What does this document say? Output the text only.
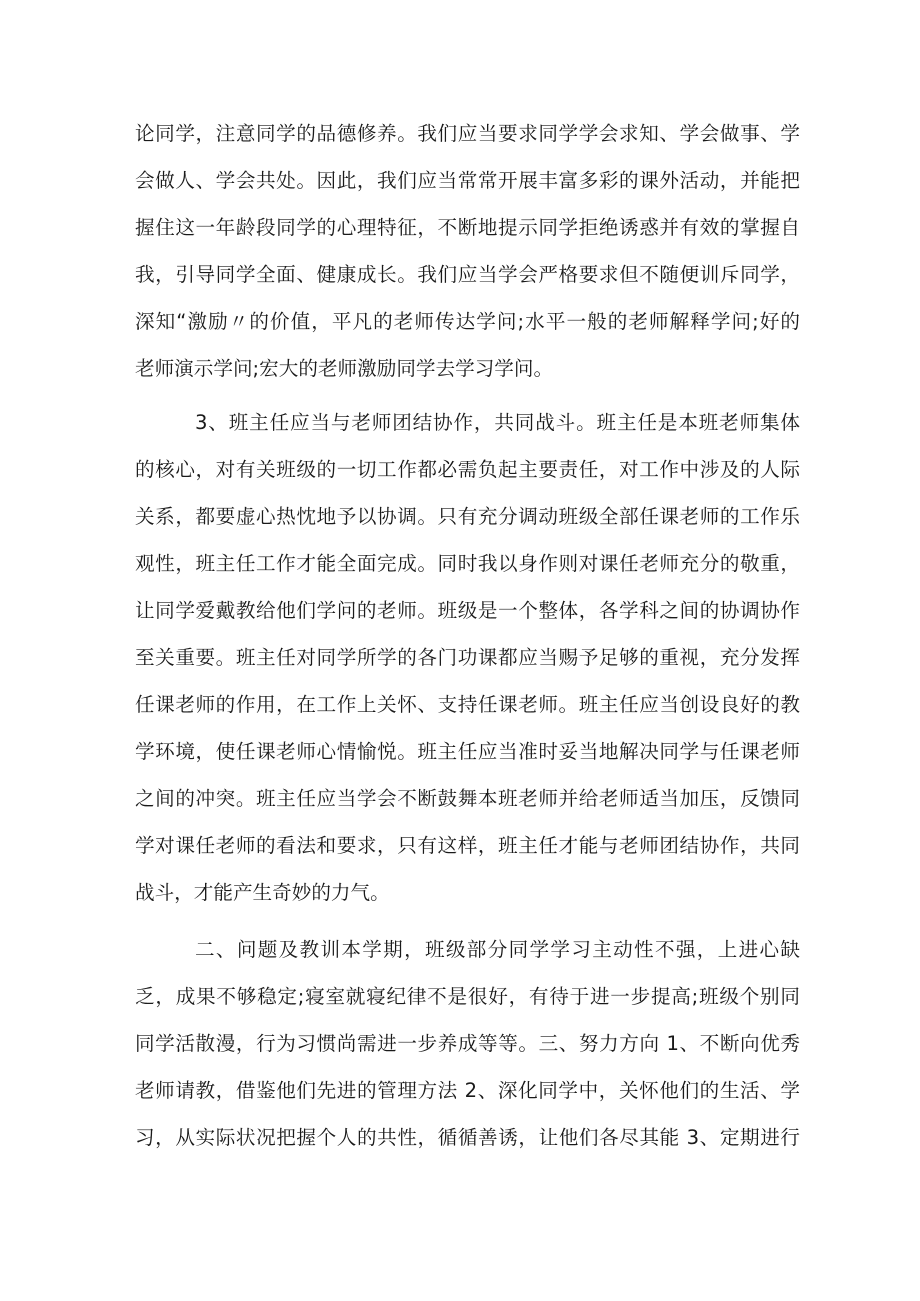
论同学，注意同学的品德修养。我们应当要求同学学会求知、学会做事、学
会做人、学会共处。因此，我们应当常常开展丰富多彩的课外活动，并能把
握住这一年龄段同学的心理特征，不断地提示同学拒绝诱惑并有效的掌握自
我，引导同学全面、健康成长。我们应当学会严格要求但不随便训斥同学，
深知“激励〃的价值，平凡的老师传达学问;水平一般的老师解释学问;好的
老师演示学问;宏大的老师激励同学去学习学问。
3、班主任应当与老师团结协作，共同战斗。班主任是本班老师集体
的核心，对有关班级的一切工作都必需负起主要责任，对工作中涉及的人际
关系，都要虚心热忱地予以协调。只有充分调动班级全部任课老师的工作乐
观性，班主任工作才能全面完成。同时我以身作则对课任老师充分的敬重，
让同学爱戴教给他们学问的老师。班级是一个整体，各学科之间的协调协作
至关重要。班主任对同学所学的各门功课都应当赐予足够的重视，充分发挥
任课老师的作用，在工作上关怀、支持任课老师。班主任应当创设良好的教
学环境，使任课老师心情愉悦。班主任应当准时妥当地解决同学与任课老师
之间的冲突。班主任应当学会不断鼓舞本班老师并给老师适当加压，反馈同
学对课任老师的看法和要求，只有这样，班主任才能与老师团结协作，共同
战斗，才能产生奇妙的力气。
二、问题及教训本学期，班级部分同学学习主动性不强，上进心缺
乏，成果不够稳定;寝室就寝纪律不是很好，有待于进一步提高;班级个别同
同学活散漫，行为习惯尚需进一步养成等等。三、努力方向 1、不断向优秀
老师请教，借鉴他们先进的管理方法 2、深化同学中，关怀他们的生活、学
习，从实际状况把握个人的共性，循循善诱，让他们各尽其能 3、定期进行
